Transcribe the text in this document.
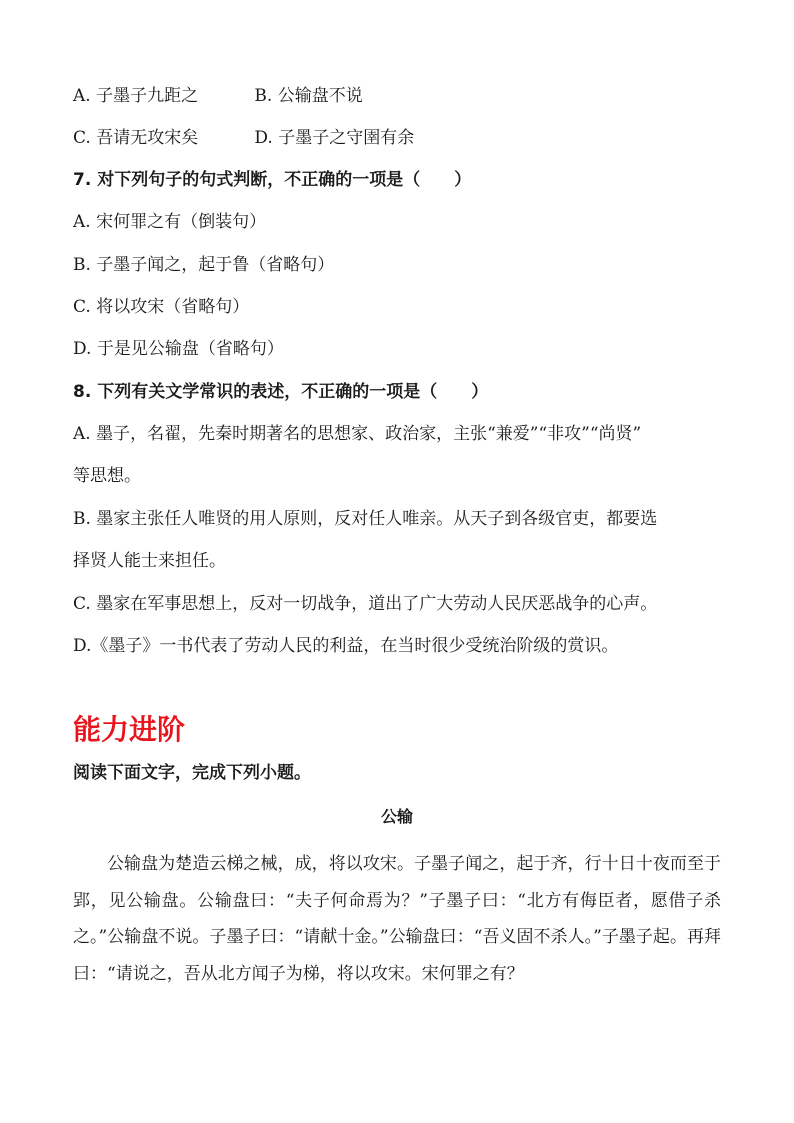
A. 子墨子九距之	B. 公输盘不说
C. 吾请无攻宋矣	D. 子墨子之守圉有余
7. 对下列句子的句式判断，不正确的一项是（　　）
A. 宋何罪之有（倒装句）
B. 子墨子闻之，起于鲁（省略句）
C. 将以攻宋（省略句）
D. 于是见公输盘（省略句）
8. 下列有关文学常识的表述，不正确的一项是（　　）
A. 墨子，名翟，先秦时期著名的思想家、政治家，主张“兼爱”“非攻”“尚贤”
等思想。
B. 墨家主张任人唯贤的用人原则，反对任人唯亲。从天子到各级官吏，都要选
择贤人能士来担任。
C. 墨家在军事思想上，反对一切战争，道出了广大劳动人民厌恶战争的心声。
D.《墨子》一书代表了劳动人民的利益，在当时很少受统治阶级的赏识。
能力进阶
阅读下面文字，完成下列小题。
公输
公输盘为楚造云梯之械，成，将以攻宋。子墨子闻之，起于齐，行十日十夜而至于郢，见公输盘。公输盘曰：“夫子何命焉为？”子墨子曰：“北方有侮臣者，愿借子杀之。”公输盘不说。子墨子曰：“请献十金。”公输盘曰：“吾义固不杀人。”子墨子起。再拜曰：“请说之，吾从北方闻子为梯，将以攻宋。宋何罪之有？
